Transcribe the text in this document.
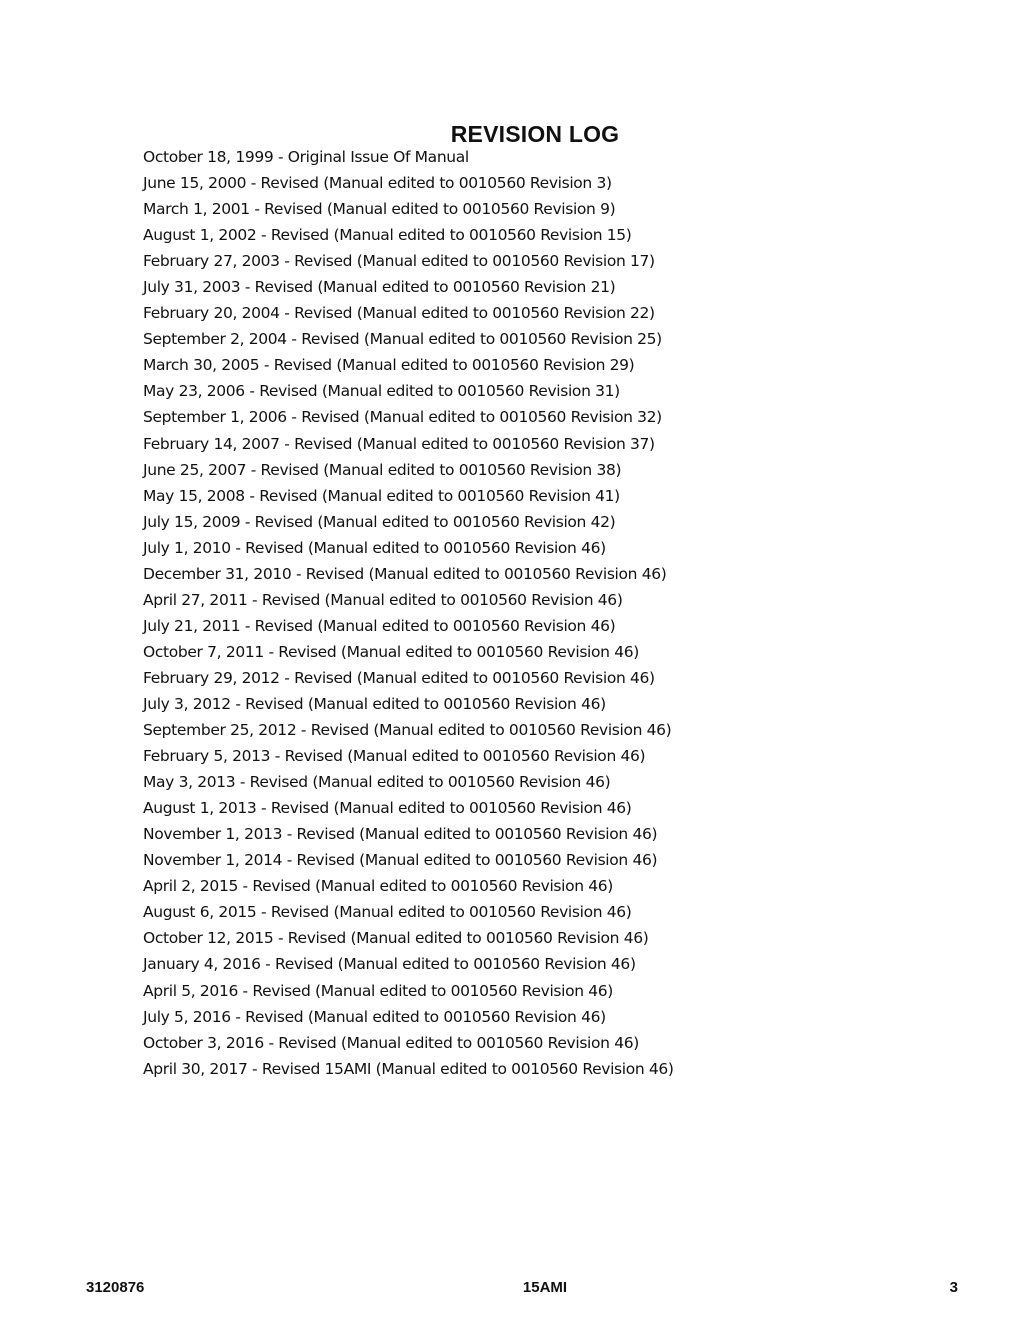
REVISION LOG
October 18, 1999 - Original Issue Of Manual
June 15, 2000 - Revised (Manual edited to 0010560 Revision 3)
March 1, 2001 - Revised (Manual edited to 0010560 Revision 9)
August 1, 2002 - Revised (Manual edited to 0010560 Revision 15)
February 27, 2003 - Revised (Manual edited to 0010560 Revision 17)
July 31, 2003 - Revised (Manual edited to 0010560 Revision 21)
February 20, 2004 - Revised (Manual edited to 0010560 Revision 22)
September 2, 2004 - Revised (Manual edited to 0010560 Revision 25)
March 30, 2005 - Revised (Manual edited to 0010560 Revision 29)
May 23, 2006 - Revised (Manual edited to 0010560 Revision 31)
September 1, 2006 - Revised (Manual edited to 0010560 Revision 32)
February 14, 2007 - Revised (Manual edited to 0010560 Revision 37)
June 25, 2007 - Revised (Manual edited to 0010560 Revision 38)
May 15, 2008 - Revised (Manual edited to 0010560 Revision 41)
July 15, 2009 - Revised (Manual edited to 0010560 Revision 42)
July 1, 2010 - Revised (Manual edited to 0010560 Revision 46)
December 31, 2010 - Revised (Manual edited to 0010560 Revision 46)
April 27, 2011 - Revised (Manual edited to 0010560 Revision 46)
July 21, 2011 - Revised (Manual edited to 0010560 Revision 46)
October 7, 2011 - Revised (Manual edited to 0010560 Revision 46)
February 29, 2012 - Revised (Manual edited to 0010560 Revision 46)
July 3, 2012 - Revised (Manual edited to 0010560 Revision 46)
September 25, 2012 - Revised (Manual edited to 0010560 Revision 46)
February 5, 2013 - Revised (Manual edited to 0010560 Revision 46)
May 3, 2013 - Revised (Manual edited to 0010560 Revision 46)
August 1, 2013 - Revised (Manual edited to 0010560 Revision 46)
November 1, 2013 - Revised (Manual edited to 0010560 Revision 46)
November 1, 2014 - Revised (Manual edited to 0010560 Revision 46)
April 2, 2015 - Revised (Manual edited to 0010560 Revision 46)
August 6, 2015 - Revised (Manual edited to 0010560 Revision 46)
October 12, 2015 - Revised (Manual edited to 0010560 Revision 46)
January 4, 2016 - Revised (Manual edited to 0010560 Revision 46)
April 5, 2016 - Revised (Manual edited to 0010560 Revision 46)
July 5, 2016 - Revised (Manual edited to 0010560 Revision 46)
October 3, 2016 - Revised (Manual edited to 0010560 Revision 46)
April 30, 2017 - Revised 15AMI (Manual edited to 0010560 Revision 46)
3120876	15AMI	3
